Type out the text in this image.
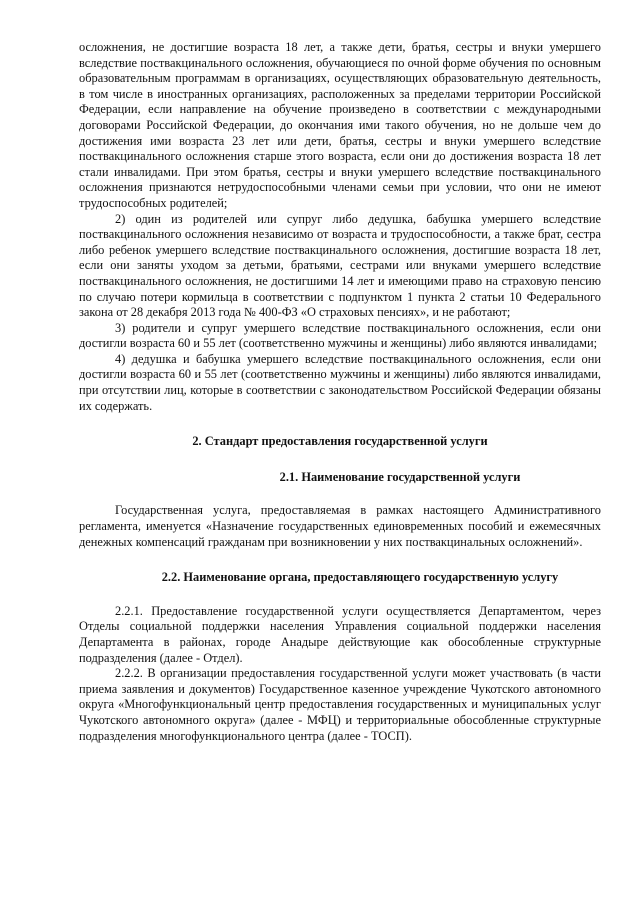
осложнения, не достигшие возраста 18 лет, а также дети, братья, сестры и внуки умершего вследствие поствакцинального осложнения, обучающиеся по очной форме обучения по основным образовательным программам в организациях, осуществляющих образовательную деятельность, в том числе в иностранных организациях, расположенных за пределами территории Российской Федерации, если направление на обучение произведено в соответствии с международными договорами Российской Федерации, до окончания ими такого обучения, но не дольше чем до достижения ими возраста 23 лет или дети, братья, сестры и внуки умершего вследствие поствакцинального осложнения старше этого возраста, если они до достижения возраста 18 лет стали инвалидами. При этом братья, сестры и внуки умершего вследствие поствакцинального осложнения признаются нетрудоспособными членами семьи при условии, что они не имеют трудоспособных родителей;

2) один из родителей или супруг либо дедушка, бабушка умершего вследствие поствакцинального осложнения независимо от возраста и трудоспособности, а также брат, сестра либо ребенок умершего вследствие поствакцинального осложнения, достигшие возраста 18 лет, если они заняты уходом за детьми, братьями, сестрами или внуками умершего вследствие поствакцинального осложнения, не достигшими 14 лет и имеющими право на страховую пенсию по случаю потери кормильца в соответствии с подпунктом 1 пункта 2 статьи 10 Федерального закона от 28 декабря 2013 года № 400-ФЗ «О страховых пенсиях», и не работают;

3) родители и супруг умершего вследствие поствакцинального осложнения, если они достигли возраста 60 и 55 лет (соответственно мужчины и женщины) либо являются инвалидами;

4) дедушка и бабушка умершего вследствие поствакцинального осложнения, если они достигли возраста 60 и 55 лет (соответственно мужчины и женщины) либо являются инвалидами, при отсутствии лиц, которые в соответствии с законодательством Российской Федерации обязаны их содержать.

2. Стандарт предоставления государственной услуги
2.1. Наименование государственной услуги

Государственная услуга, предоставляемая в рамках настоящего Административного регламента, именуется «Назначение государственных единовременных пособий и ежемесячных денежных компенсаций гражданам при возникновении у них поствакцинальных осложнений».

2.2. Наименование органа, предоставляющего государственную услугу

2.2.1. Предоставление государственной услуги осуществляется Департаментом, через Отделы социальной поддержки населения Управления социальной поддержки населения Департамента в районах, городе Анадыре действующие как обособленные структурные подразделения (далее - Отдел).

2.2.2. В организации предоставления государственной услуги может участвовать (в части приема заявления и документов) Государственное казенное учреждение Чукотского автономного округа «Многофункциональный центр предоставления государственных и муниципальных услуг Чукотского автономного округа» (далее - МФЦ) и территориальные обособленные структурные подразделения многофункционального центра (далее - ТОСП).
